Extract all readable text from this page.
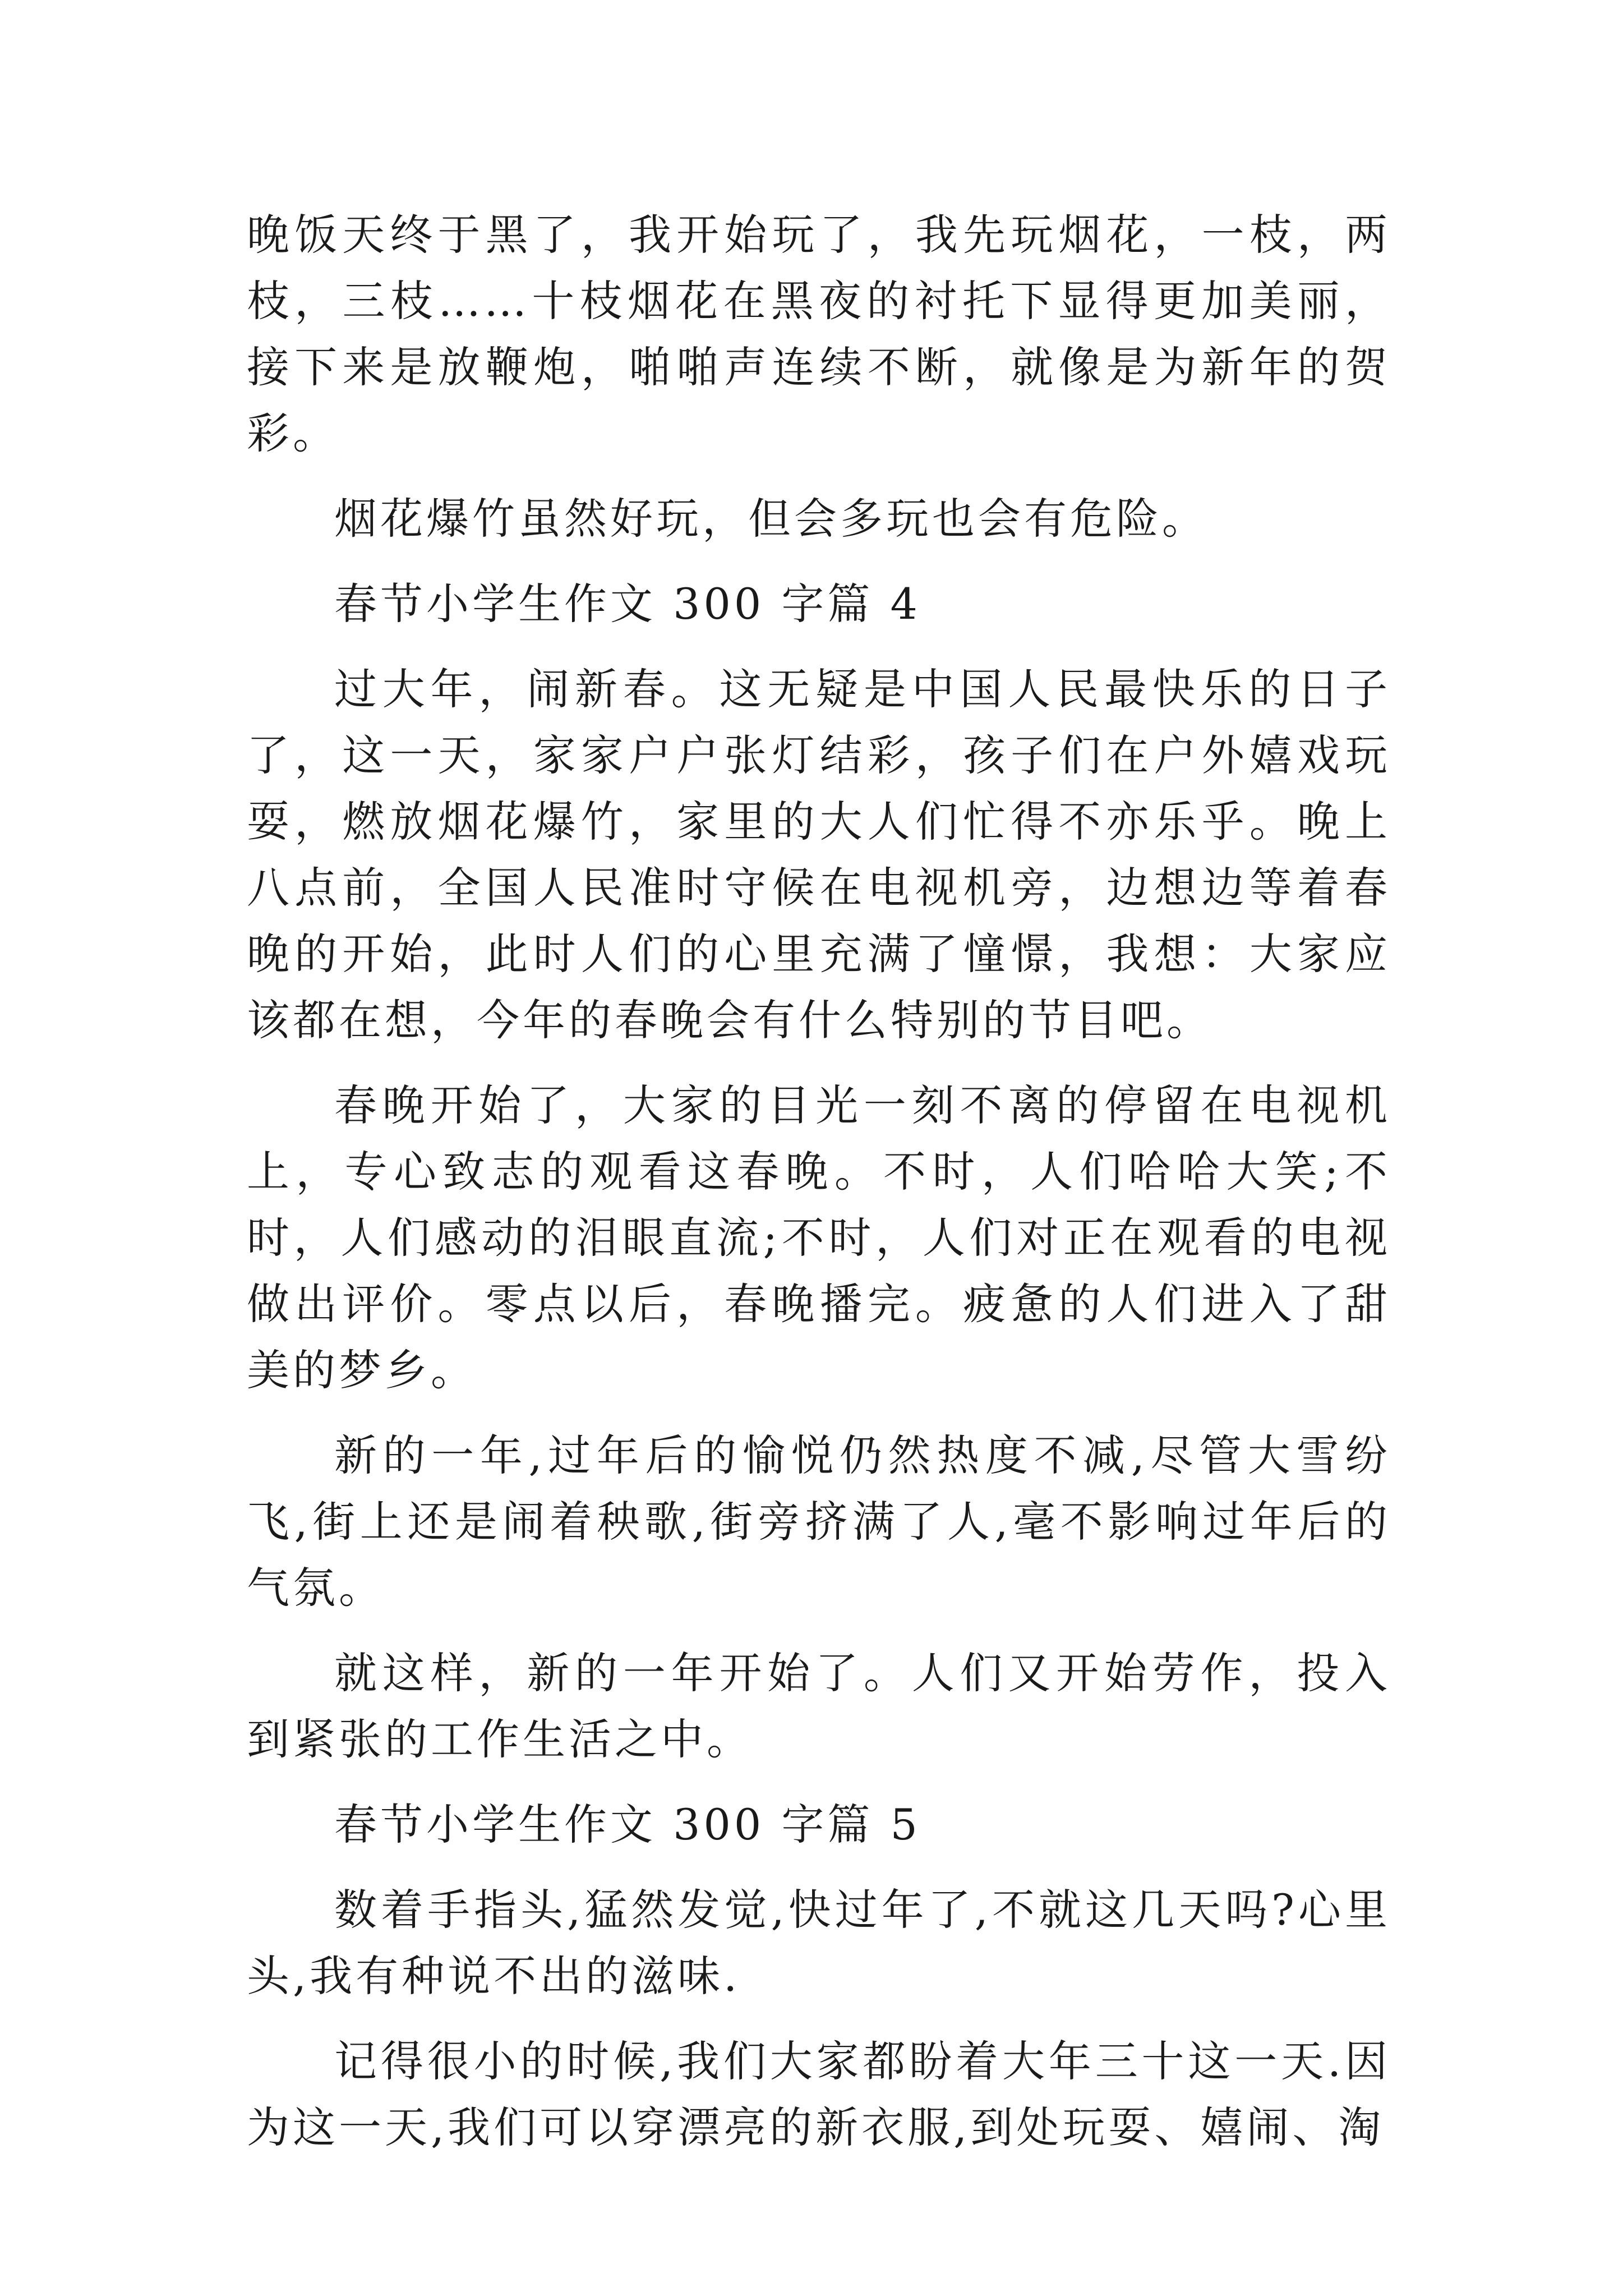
晚饭天终于黑了，我开始玩了，我先玩烟花，一枝，两枝，三枝……十枝烟花在黑夜的衬托下显得更加美丽，接下来是放鞭炮，啪啪声连续不断，就像是为新年的贺彩。

烟花爆竹虽然好玩，但会多玩也会有危险。

春节小学生作文 300 字篇 4

过大年，闹新春。这无疑是中国人民最快乐的日子了，这一天，家家户户张灯结彩，孩子们在户外嬉戏玩耍，燃放烟花爆竹，家里的大人们忙得不亦乐乎。晚上八点前，全国人民准时守候在电视机旁，边想边等着春晚的开始，此时人们的心里充满了憧憬，我想：大家应该都在想，今年的春晚会有什么特别的节目吧。

春晚开始了，大家的目光一刻不离的停留在电视机上，专心致志的观看这春晚。不时，人们哈哈大笑;不时，人们感动的泪眼直流;不时，人们对正在观看的电视做出评价。零点以后，春晚播完。疲惫的人们进入了甜美的梦乡。

新的一年,过年后的愉悦仍然热度不减,尽管大雪纷飞,街上还是闹着秧歌,街旁挤满了人,毫不影响过年后的气氛。

就这样，新的一年开始了。人们又开始劳作，投入到紧张的工作生活之中。

春节小学生作文 300 字篇 5

数着手指头,猛然发觉,快过年了,不就这几天吗?心里头,我有种说不出的滋味.

记得很小的时候,我们大家都盼着大年三十这一天.因为这一天,我们可以穿漂亮的新衣服,到处玩耍、嬉闹、淘
